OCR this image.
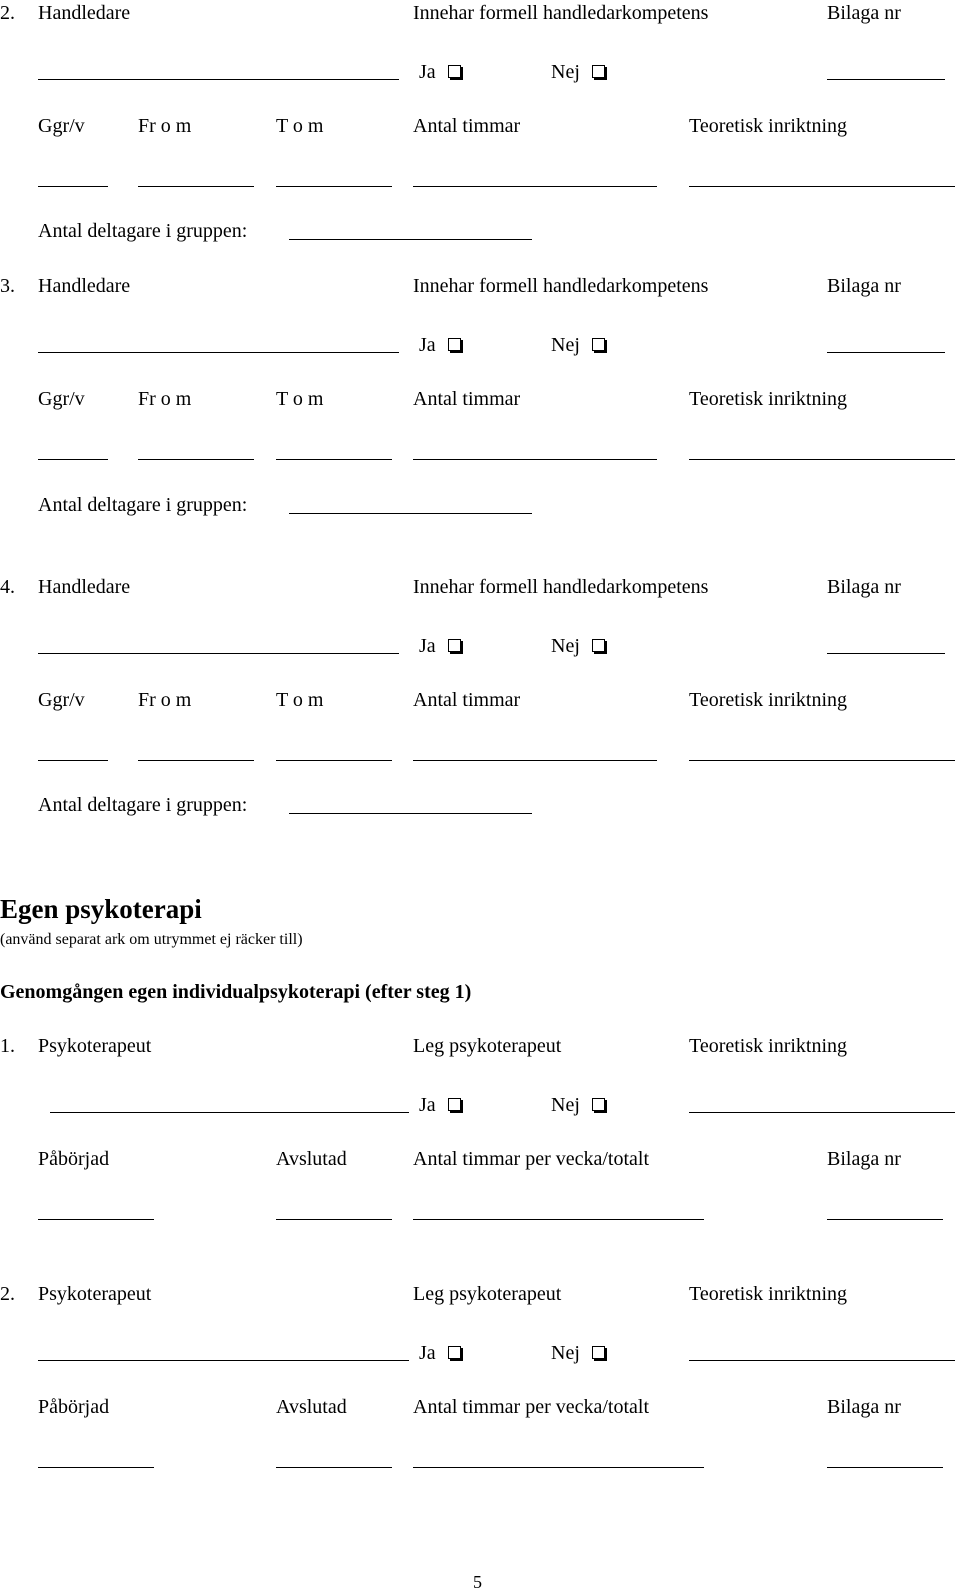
2. Handledare	Innehar formell handledarkompetens	Bilaga nr
Ja	Nej
Ggr/v	Fr o m	T o m	Antal timmar	Teoretisk inriktning
Antal deltagare i gruppen:
3. Handledare	Innehar formell handledarkompetens	Bilaga nr
Ja	Nej
Ggr/v	Fr o m	T o m	Antal timmar	Teoretisk inriktning
Antal deltagare i gruppen:
4. Handledare	Innehar formell handledarkompetens	Bilaga nr
Ja	Nej
Ggr/v	Fr o m	T o m	Antal timmar	Teoretisk inriktning
Antal deltagare i gruppen:
Egen psykoterapi
(använd separat ark om utrymmet ej räcker till)
Genomgången egen individualpsykoterapi (efter steg 1)
1. Psykoterapeut	Leg psykoterapeut	Teoretisk inriktning
Ja	Nej
Påbörjad	Avslutad	Antal timmar per vecka/totalt	Bilaga nr
2. Psykoterapeut	Leg psykoterapeut	Teoretisk inriktning
Ja	Nej
Påbörjad	Avslutad	Antal timmar per vecka/totalt	Bilaga nr
5
